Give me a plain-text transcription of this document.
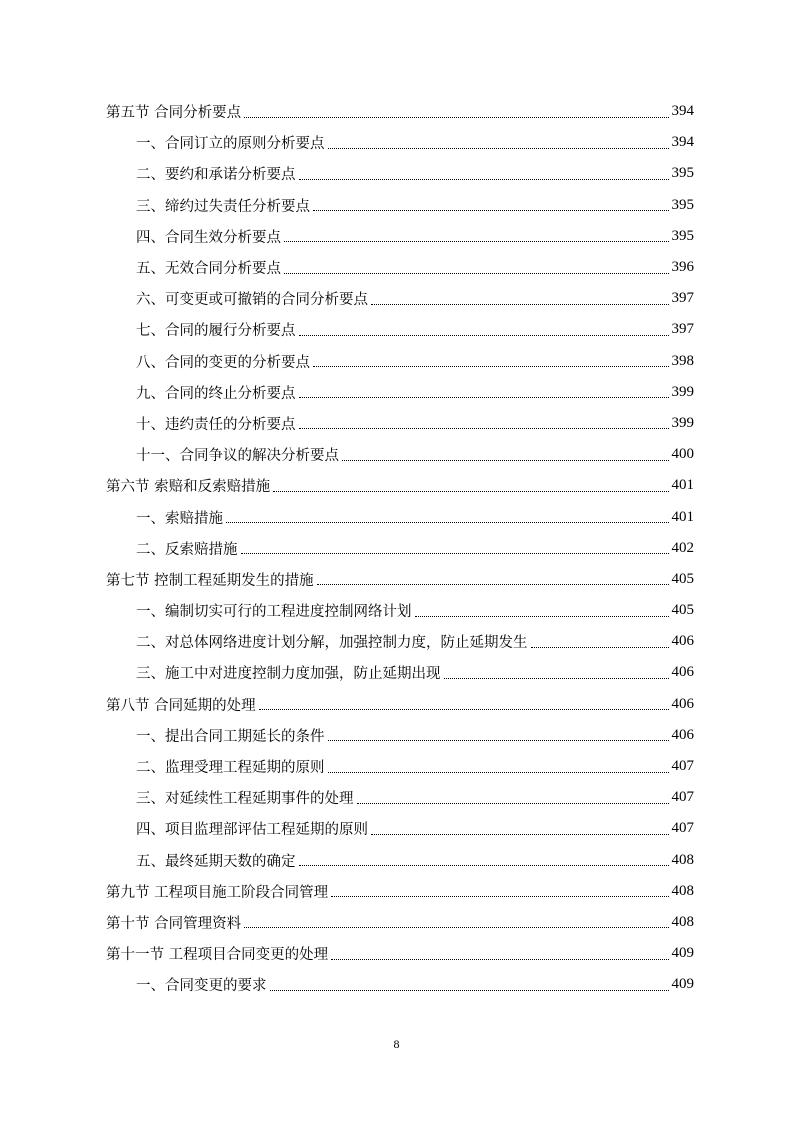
第五节 合同分析要点	394
一、合同订立的原则分析要点	394
二、要约和承诺分析要点	395
三、缔约过失责任分析要点	395
四、合同生效分析要点	395
五、无效合同分析要点	396
六、可变更或可撤销的合同分析要点	397
七、合同的履行分析要点	397
八、合同的变更的分析要点	398
九、合同的终止分析要点	399
十、违约责任的分析要点	399
十一、合同争议的解决分析要点	400
第六节 索赔和反索赔措施	401
一、索赔措施	401
二、反索赔措施	402
第七节 控制工程延期发生的措施	405
一、编制切实可行的工程进度控制网络计划	405
二、对总体网络进度计划分解，加强控制力度，防止延期发生	406
三、施工中对进度控制力度加强，防止延期出现	406
第八节 合同延期的处理	406
一、提出合同工期延长的条件	406
二、监理受理工程延期的原则	407
三、对延续性工程延期事件的处理	407
四、项目监理部评估工程延期的原则	407
五、最终延期天数的确定	408
第九节 工程项目施工阶段合同管理	408
第十节 合同管理资料	408
第十一节 工程项目合同变更的处理	409
一、合同变更的要求	409
8
